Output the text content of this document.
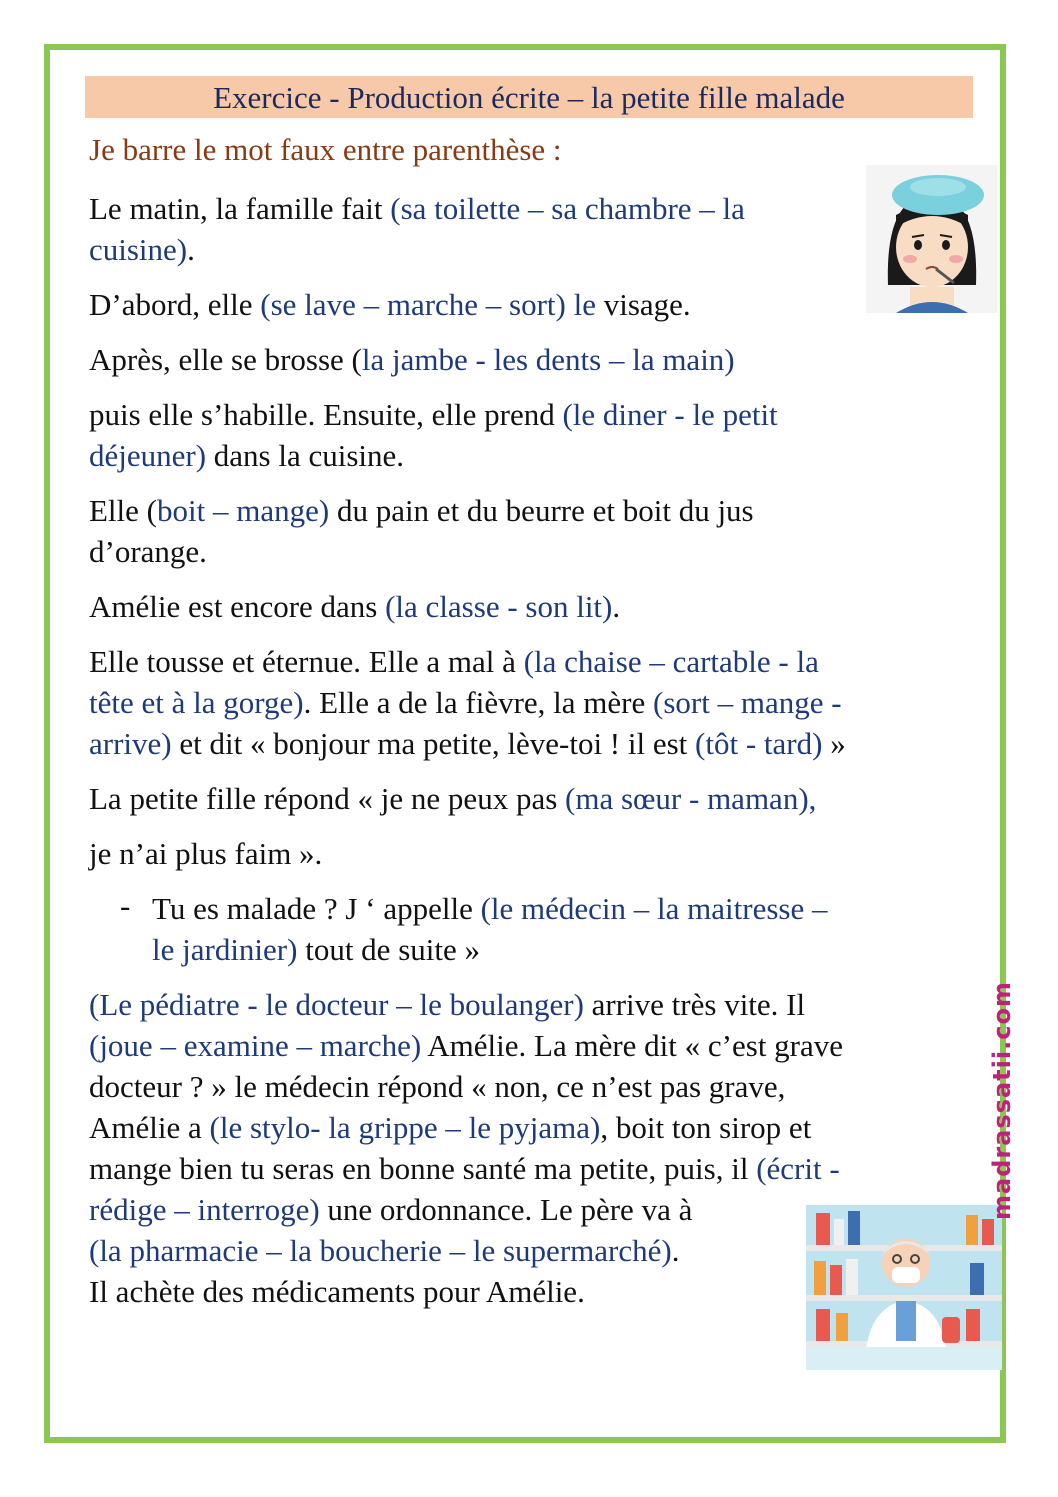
Exercice - Production écrite – la petite fille malade
Je barre le mot faux entre parenthèse :
Le matin, la famille fait (sa toilette – sa chambre – la
cuisine).
D’abord, elle (se lave – marche – sort) le visage.
Après, elle se brosse (la jambe - les dents – la main)
puis elle s’habille. Ensuite, elle prend (le diner - le petit
déjeuner) dans la cuisine.
Elle (boit – mange) du pain et du beurre et boit du jus
d’orange.
Amélie est encore dans (la classe - son lit).
Elle tousse et éternue. Elle a mal à (la chaise – cartable - la
tête et à la gorge). Elle a de la fièvre, la mère (sort – mange -
arrive) et dit « bonjour ma petite, lève-toi ! il est (tôt - tard) »
La petite fille répond « je ne peux pas (ma sœur - maman),
je n’ai plus faim ».
- Tu es malade ? J ‘ appelle (le médecin – la maitresse –
le jardinier) tout de suite »
(Le pédiatre - le docteur – le boulanger) arrive très vite. Il
(joue – examine – marche) Amélie. La mère dit « c’est grave
docteur ? » le médecin répond « non, ce n’est pas grave,
Amélie a (le stylo- la grippe – le pyjama), boit ton sirop et
mange bien tu seras en bonne santé ma petite, puis, il (écrit -
rédige – interroge) une ordonnance. Le père va à
(la pharmacie – la boucherie – le supermarché).
Il achète des médicaments pour Amélie.
madrassatii.com
